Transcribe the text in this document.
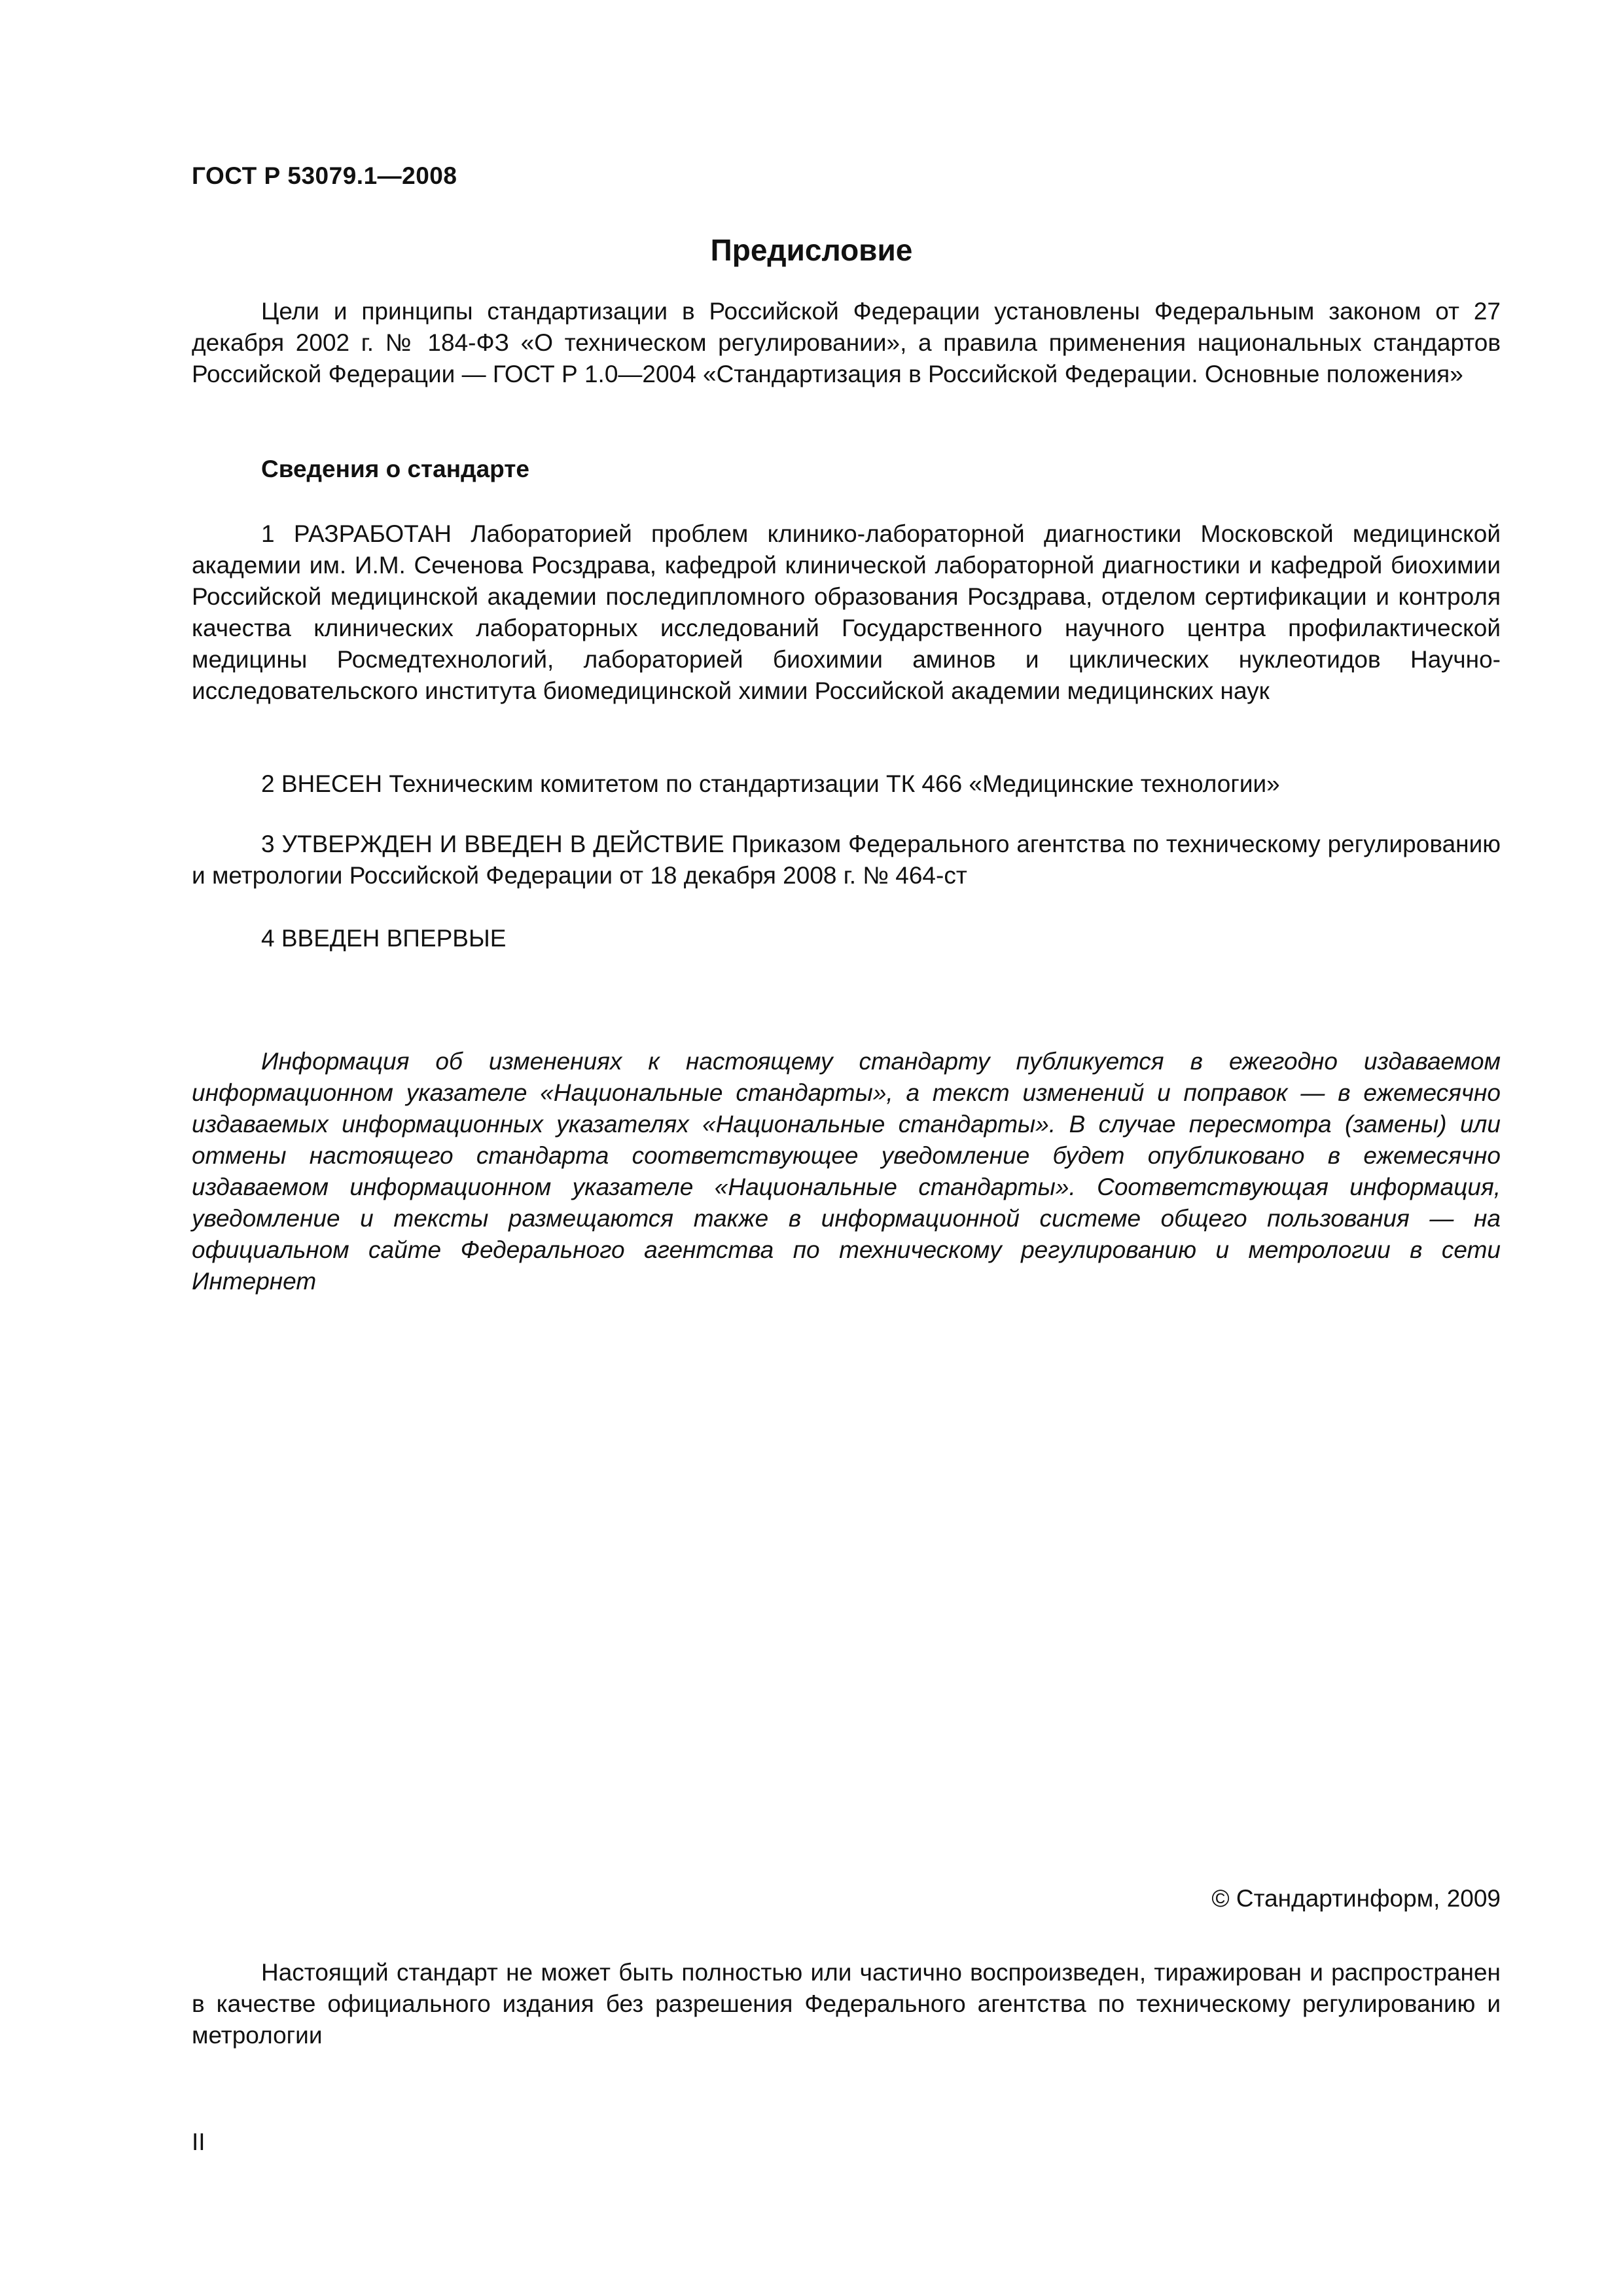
ГОСТ Р 53079.1—2008
Предисловие

Цели и принципы стандартизации в Российской Федерации установлены Федеральным законом от 27 декабря 2002 г. № 184-ФЗ «О техническом регулировании», а правила применения национальных стандартов Российской Федерации — ГОСТ Р 1.0—2004 «Стандартизация в Российской Федерации. Основные положения»

Сведения о стандарте

1 РАЗРАБОТАН Лабораторией проблем клинико-лабораторной диагностики Московской медицинской академии им. И.М. Сеченова Росздрава, кафедрой клинической лабораторной диагностики и кафедрой биохимии Российской медицинской академии последипломного образования Росздрава, отделом сертификации и контроля качества клинических лабораторных исследований Государственного научного центра профилактической медицины Росмедтехнологий, лабораторией биохимии аминов и циклических нуклеотидов Научно-исследовательского института биомедицинской химии Российской академии медицинских наук

2 ВНЕСЕН Техническим комитетом по стандартизации ТК 466 «Медицинские технологии»

3 УТВЕРЖДЕН И ВВЕДЕН В ДЕЙСТВИЕ Приказом Федерального агентства по техническому регулированию и метрологии Российской Федерации от 18 декабря 2008 г. № 464-ст

4 ВВЕДЕН ВПЕРВЫЕ

Информация об изменениях к настоящему стандарту публикуется в ежегодно издаваемом информационном указателе «Национальные стандарты», а текст изменений и поправок — в ежемесячно издаваемых информационных указателях «Национальные стандарты». В случае пересмотра (замены) или отмены настоящего стандарта соответствующее уведомление будет опубликовано в ежемесячно издаваемом информационном указателе «Национальные стандарты». Соответствующая информация, уведомление и тексты размещаются также в информационной системе общего пользования — на официальном сайте Федерального агентства по техническому регулированию и метрологии в сети Интернет

© Стандартинформ, 2009

Настоящий стандарт не может быть полностью или частично воспроизведен, тиражирован и распространен в качестве официального издания без разрешения Федерального агентства по техническому регулированию и метрологии

II
